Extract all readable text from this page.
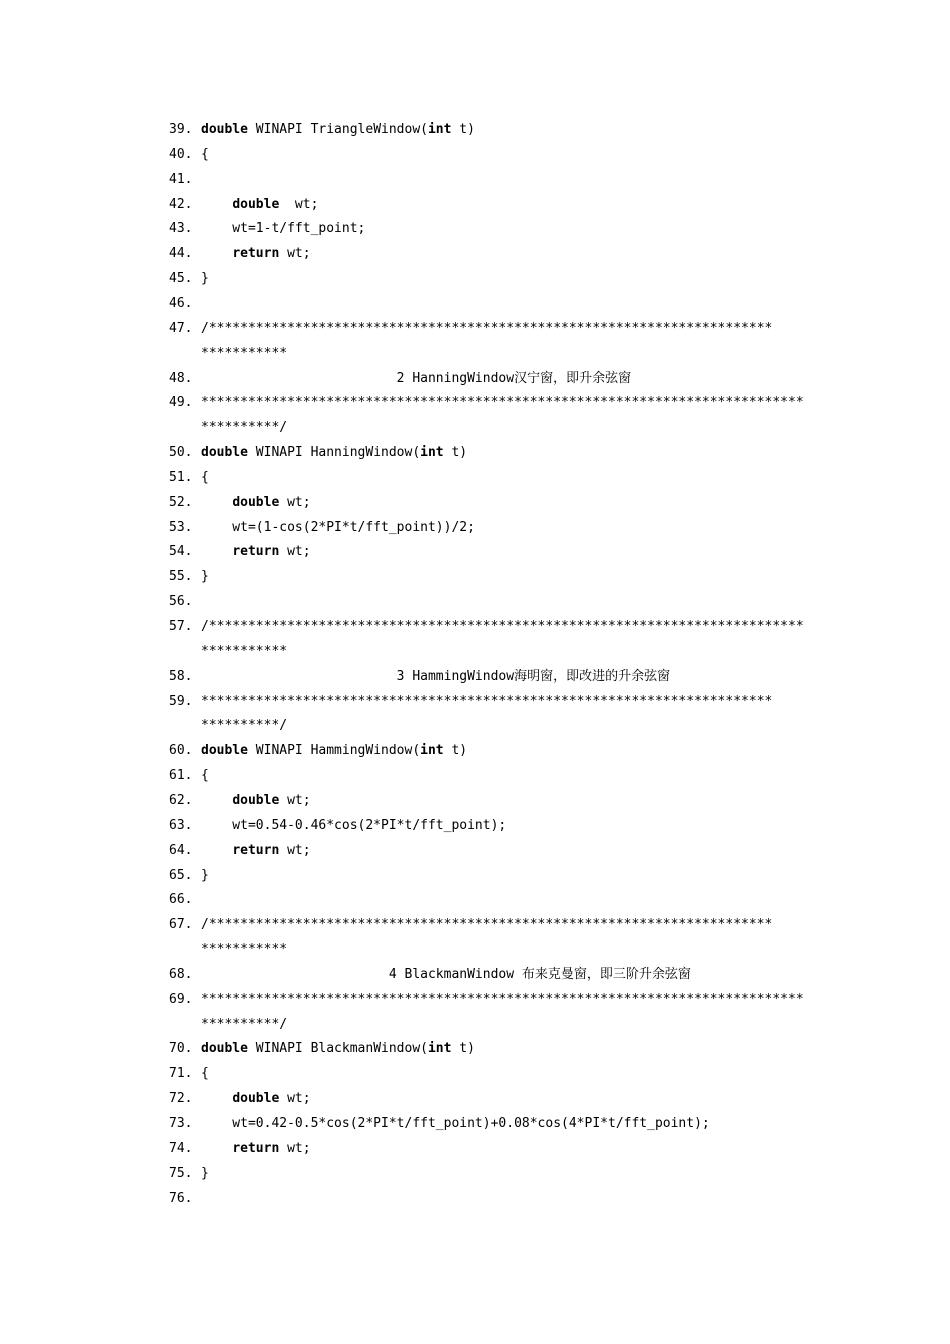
39. double WINAPI TriangleWindow(int t)
40. {
41.
42.	double  wt;
43.    wt=1-t/fft_point;
44.	return wt;
45. }
46.
47. /************************************************************************
***********
48.                         2 HanningWindow汉宁窗，即升余弦窗
49. *****************************************************************************
**********/
50. double WINAPI HanningWindow(int t)
51. {
52.	double wt;
53.    wt=(1-cos(2*PI*t/fft_point))/2;
54.	return wt;
55. }
56.
57. /****************************************************************************
***********
58.                         3 HammingWindow海明窗，即改进的升余弦窗
59. *************************************************************************
**********/
60. double WINAPI HammingWindow(int t)
61. {
62.	double wt;
63.    wt=0.54-0.46*cos(2*PI*t/fft_point);
64.	return wt;
65. }
66.
67. /************************************************************************
***********
68.                        4 BlackmanWindow 布来克曼窗，即三阶升余弦窗
69. *****************************************************************************
**********/
70. double WINAPI BlackmanWindow(int t)
71. {
72.	double wt;
73.    wt=0.42-0.5*cos(2*PI*t/fft_point)+0.08*cos(4*PI*t/fft_point);
74.	return wt;
75. }
76.
